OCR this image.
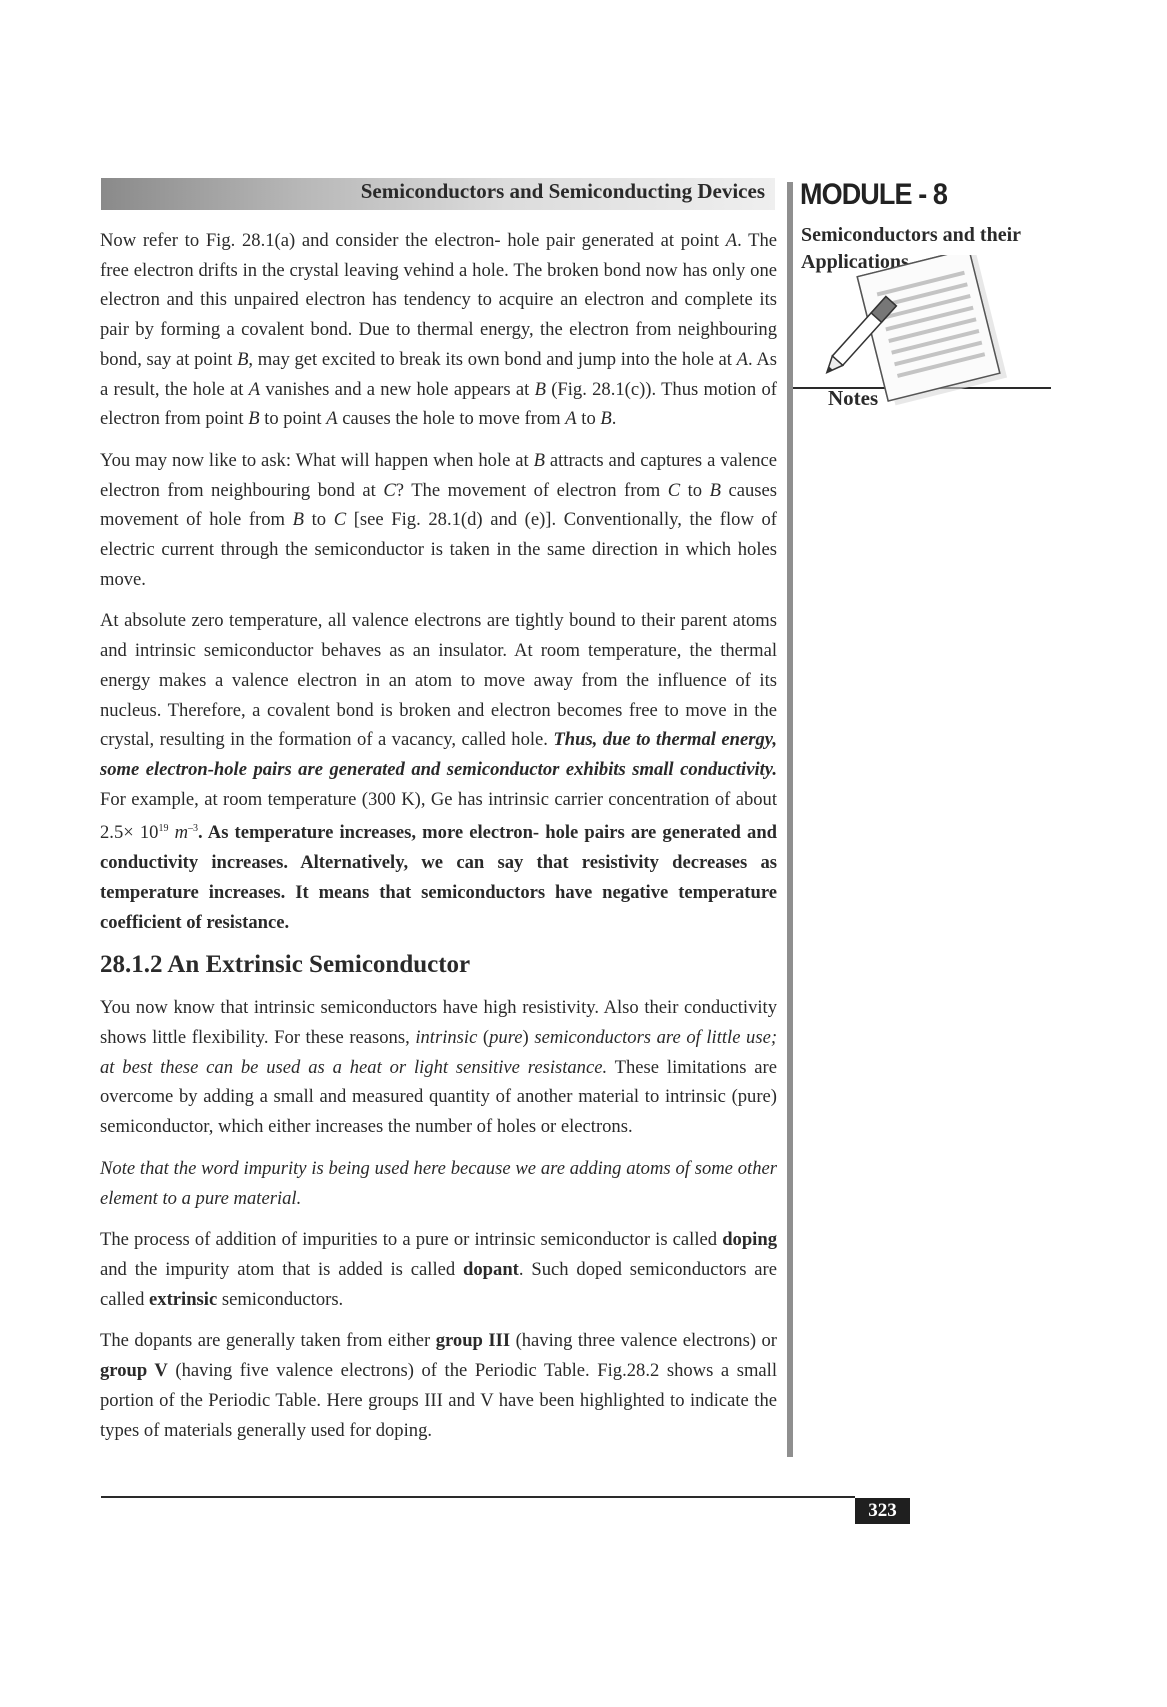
Semiconductors and Semiconducting Devices MODULE - 8
Semiconductors and their Applications
Notes

Now refer to Fig. 28.1(a) and consider the electron- hole pair generated at point A. The free electron drifts in the crystal leaving vehind a hole. The broken bond now has only one electron and this unpaired electron has tendency to acquire an electron and complete its pair by forming a covalent bond. Due to thermal energy, the electron from neighbouring bond, say at point B, may get excited to break its own bond and jump into the hole at A. As a result, the hole at A vanishes and a new hole appears at B (Fig. 28.1(c)). Thus motion of electron from point B to point A causes the hole to move from A to B.

You may now like to ask: What will happen when hole at B attracts and captures a valence electron from neighbouring bond at C? The movement of electron from C to B causes movement of hole from B to C [see Fig. 28.1(d) and (e)]. Conventionally, the flow of electric current through the semiconductor is taken in the same direction in which holes move.

At absolute zero temperature, all valence electrons are tightly bound to their parent atoms and intrinsic semiconductor behaves as an insulator. At room temperature, the thermal energy makes a valence electron in an atom to move away from the influence of its nucleus. Therefore, a covalent bond is broken and electron becomes free to move in the crystal, resulting in the formation of a vacancy, called hole. Thus, due to thermal energy, some electron-hole pairs are generated and semiconductor exhibits small conductivity. For example, at room temperature (300 K), Ge has intrinsic carrier concentration of about $2.5\times 10^{19}$ $m^{-3}$. As temperature increases, more electron- hole pairs are generated and conductivity increases. Alternatively, we can say that resistivity decreases as temperature increases. It means that semiconductors have negative temperature coefficient of resistance.

28.1.2 An Extrinsic Semiconductor

You now know that intrinsic semiconductors have high resistivity. Also their conductivity shows little flexibility. For these reasons, intrinsic (pure) semiconductors are of little use; at best these can be used as a heat or light sensitive resistance. These limitations are overcome by adding a small and measured quantity of another material to intrinsic (pure) semiconductor, which either increases the number of holes or electrons.

Note that the word impurity is being used here because we are adding atoms of some other element to a pure material.

The process of addition of impurities to a pure or intrinsic semiconductor is called doping and the impurity atom that is added is called dopant. Such doped semiconductors are called extrinsic semiconductors.

The dopants are generally taken from either group III (having three valence electrons) or group V (having five valence electrons) of the Periodic Table. Fig.28.2 shows a small portion of the Periodic Table. Here groups III and V have been highlighted to indicate the types of materials generally used for doping.

323
